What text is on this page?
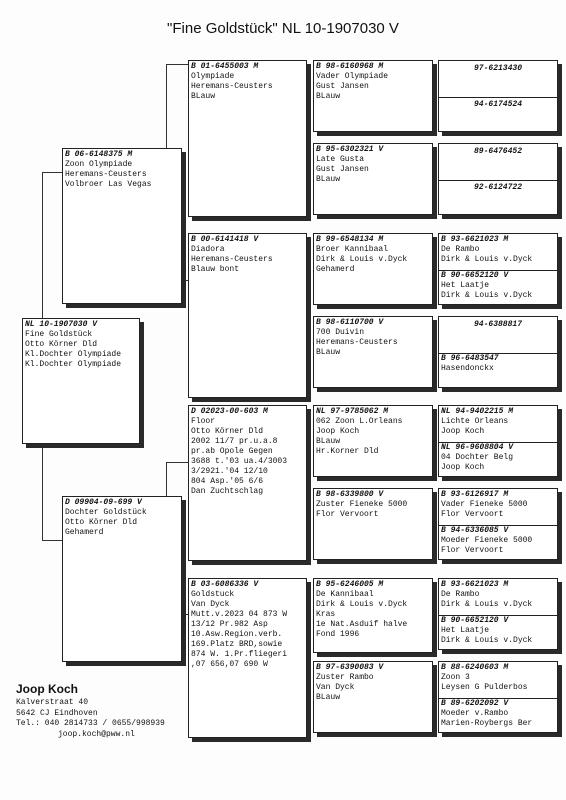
"Fine Goldstück" NL 10-1907030 V
NL 10-1907030 V
Fine Goldstück
Otto Körner Dld
Kl.Dochter Olympiade
Kl.Dochter Olympiade
B 06-6148375 M
Zoon Olympiade
Heremans-Ceusters
Volbroer Las Vegas
D 09904-09-699 V
Dochter Goldstück
Otto Körner Dld
Gehamerd
B 01-6455003 M
Olympiade
Heremans-Ceusters
BLauw
B 00-6141418 V
Diadora
Heremans-Ceusters
Blauw bont
D 02023-00-603 M
Floor
Otto Körner Dld
2002 11/7 pr.u.a.8
pr.ab Opole Gegen
3688 t.'03 ua.4/3003
3/2921.'04 12/10
804 Asp.'05 6/6
Dan Zuchtschlag
B 03-6086336 V
Goldstuck
Van Dyck
Mutt.v.2023 04 873 W
13/12 Pr.982 Asp
10.Asw.Region.verb.
169.Platz BRD,sowie
874 W. 1.Pr.fliegeri
,07 656,07 690 W
B 98-6160968 M
Vader Olympiade
Gust Jansen
BLauw
B 95-6302321 V
Late Gusta
Gust Jansen
BLauw
B 99-6548134 M
Broer Kannibaal
Dirk & Louis v.Dyck
Gehamerd
B 98-6110700 V
700 Duivin
Heremans-Ceusters
BLauw
NL 97-9785062 M
062 Zoon L.Orleans
Joop Koch
BLauw
Hr.Korner Dld
B 98-6339800 V
Zuster Fieneke 5000
Flor Vervoort
B 95-6246005 M
De Kannibaal
Dirk & Louis v.Dyck
Kras
1e Nat.Asduif halve
Fond 1996
B 97-6390083 V
Zuster Rambo
Van Dyck
BLauw
97-6213430
94-6174524
89-6476452
92-6124722
B 93-6621023 M
De Rambo
Dirk & Louis v.Dyck
B 90-6652120 V
Het Laatje
Dirk & Louis v.Dyck
94-6388817
B 96-6483547
Hasendonckx
NL 94-9402215 M
Lichte Orleans
Joop Koch
NL 96-9608804 V
04 Dochter Belg
Joop Koch
B 93-6126917 M
Vader Fieneke 5000
Flor Vervoort
B 94-6336085 V
Moeder Fieneke 5000
Flor Vervoort
B 93-6621023 M
De Rambo
Dirk & Louis v.Dyck
B 90-6652120 V
Het Laatje
Dirk & Louis v.Dyck
B 88-6240603 M
Zoon 3
Leysen G Pulderbos
B 89-6202092 V
Moeder v.Rambo
Marien-Roybergs Ber
Joop Koch
Kalverstraat 40
5642 CJ Eindhoven
Tel.: 040 2814733 / 0655/998939
joop.koch@pww.nl
